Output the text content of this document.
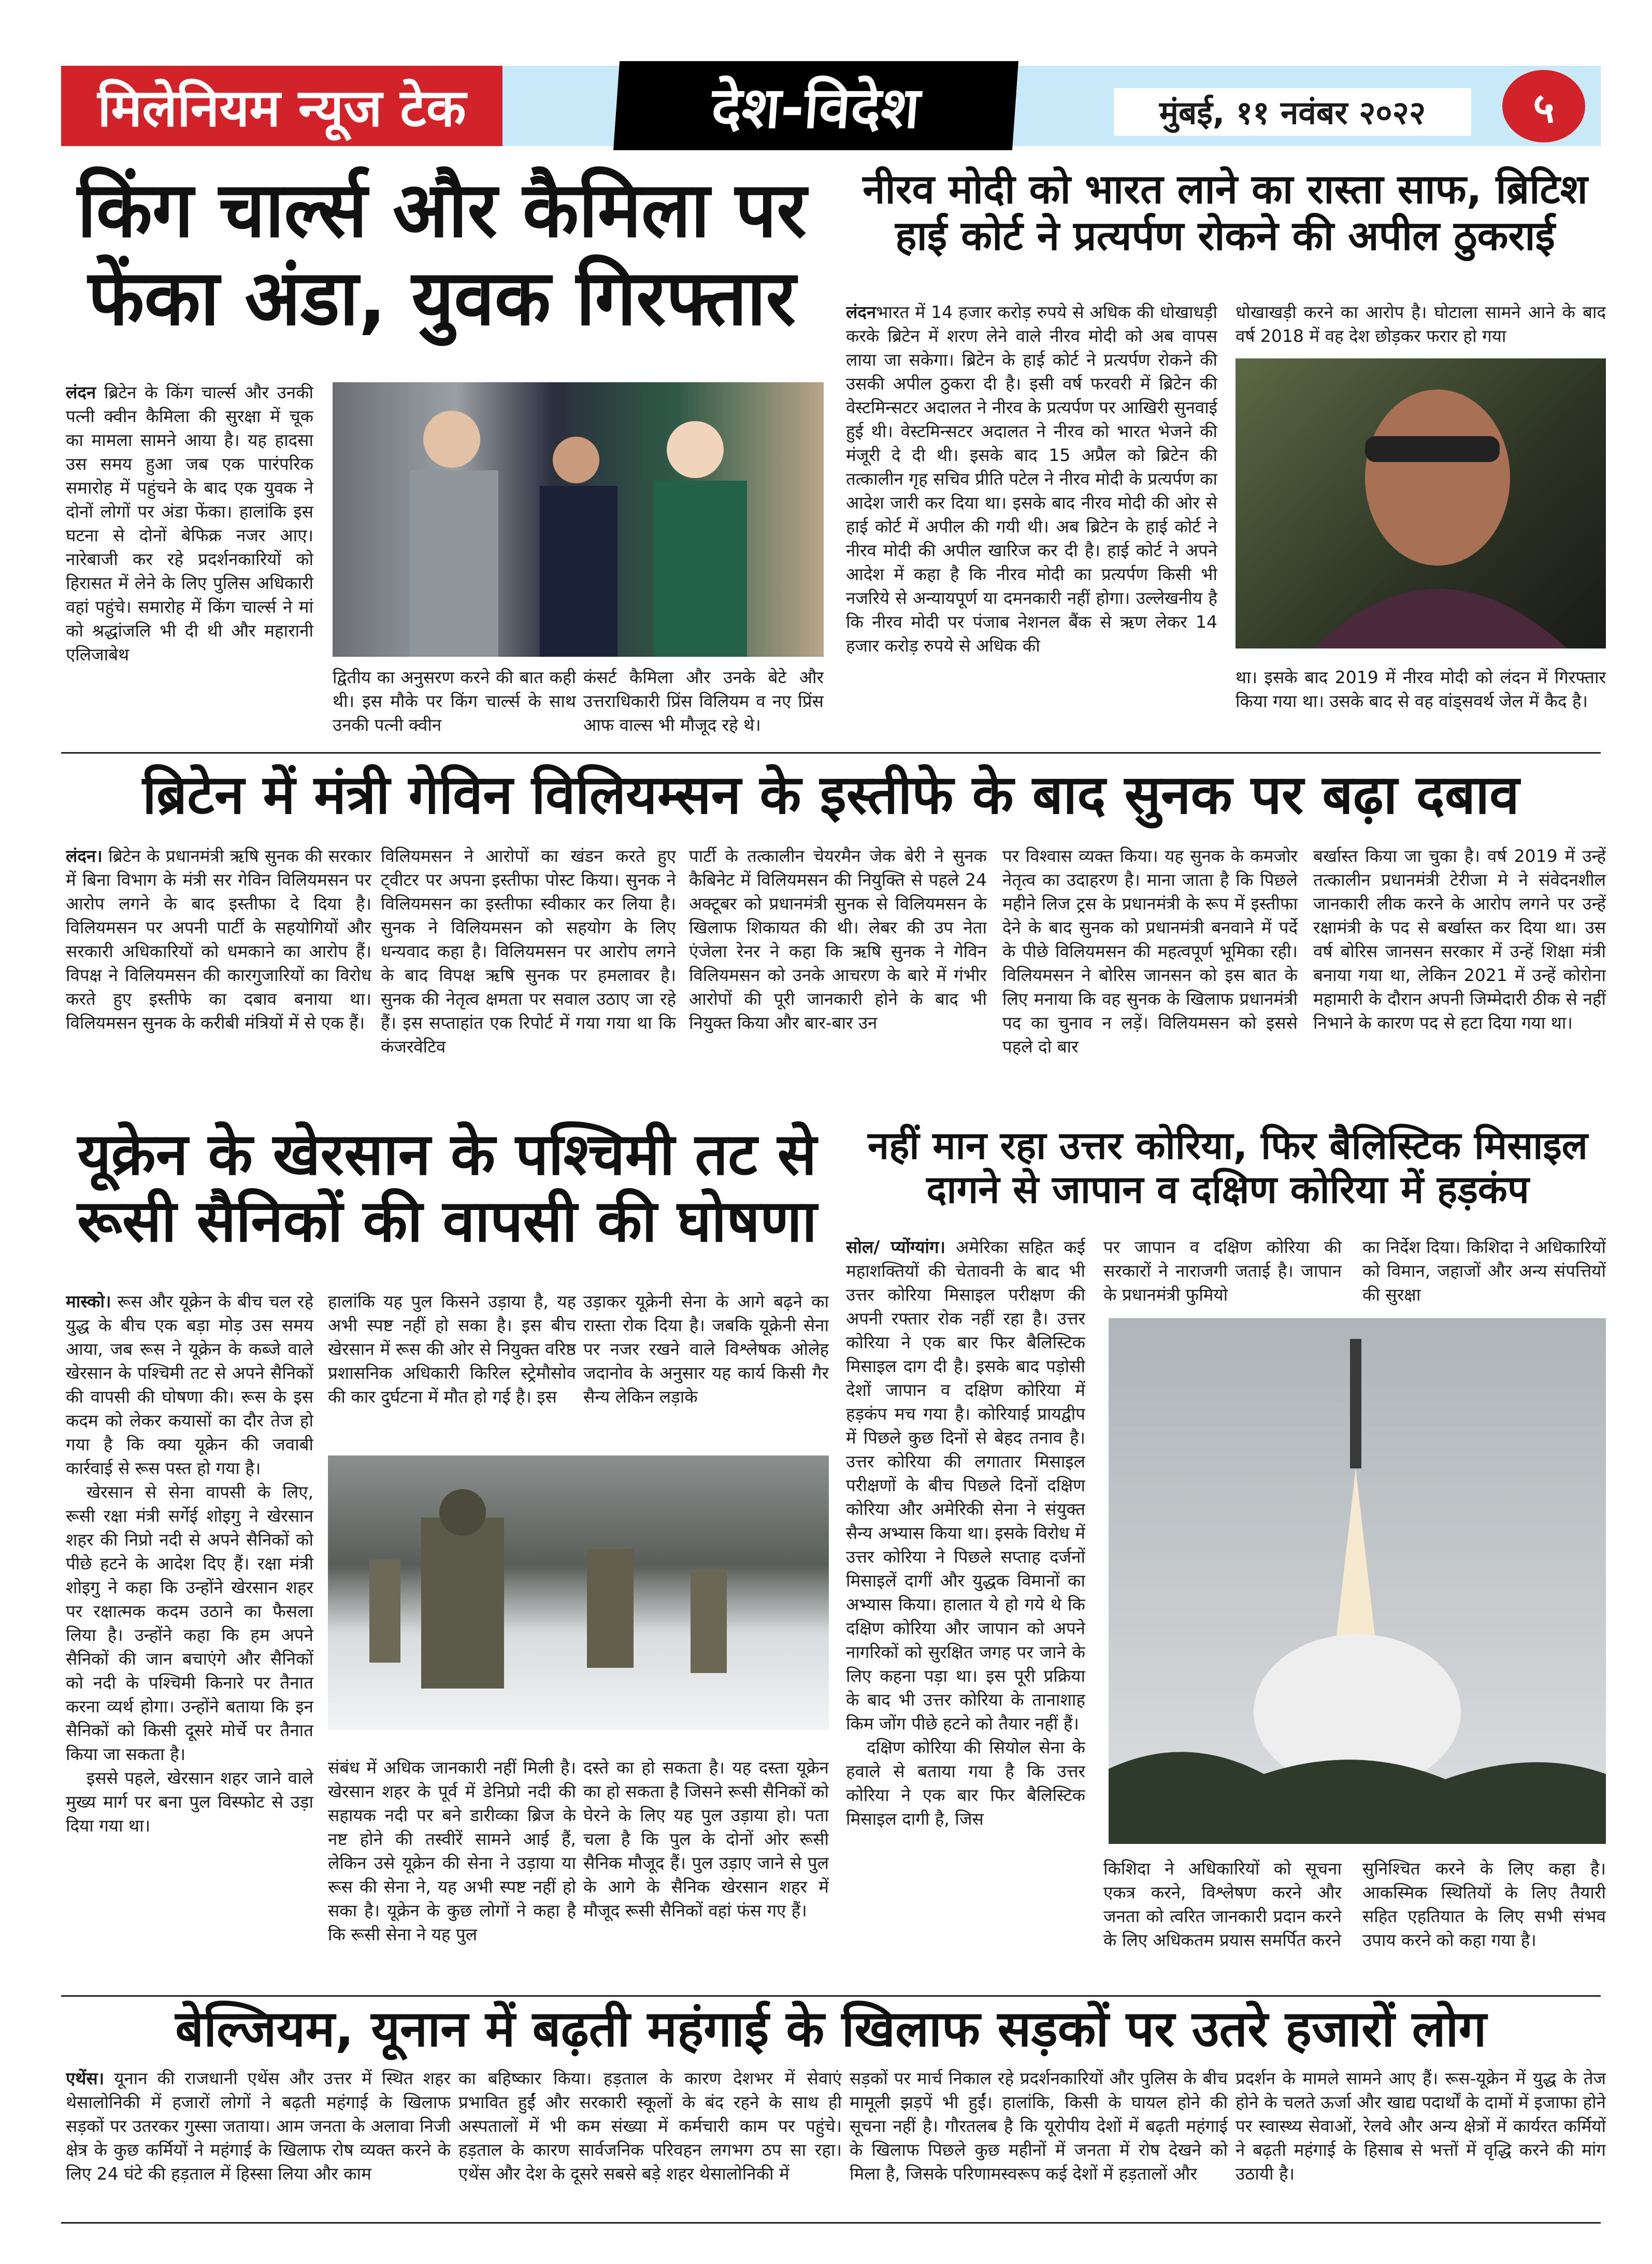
मिलेनियम न्यूज टेक	देश-विदेश	मुंबई, ११ नवंबर २०२२	५
किंग चार्ल्स और कैमिला पर फेंका अंडा, युवक गिरफ्तार
लंदन ब्रिटेन के किंग चार्ल्स और उनकी पत्नी क्वीन कैमिला की सुरक्षा में चूक का मामला सामने आया है। यह हादसा उस समय हुआ जब एक पारंपरिक समारोह में पहुंचने के बाद एक युवक ने दोनों लोगों पर अंडा फेंका। हालांकि इस घटना से दोनों बेफिक्र नजर आए। नारेबाजी कर रहे प्रदर्शनकारियों को हिरासत में लेने के लिए पुलिस अधिकारी वहां पहुंचे। समारोह में किंग चार्ल्स ने मां को श्रद्धांजलि भी दी थी और महारानी एलिजाबेथ
द्वितीय का अनुसरण करने की बात कही थी। इस मौके पर किंग चार्ल्स के साथ उनकी पत्नी क्वीन
कंसर्ट कैमिला और उनके बेटे और उत्तराधिकारी प्रिंस विलियम व नए प्रिंस आफ वाल्स भी मौजूद रहे थे।
नीरव मोदी को भारत लाने का रास्ता साफ, ब्रिटिश हाई कोर्ट ने प्रत्यर्पण रोकने की अपील ठुकराई
लंदनभारत में 14 हजार करोड़ रुपये से अधिक की धोखाधड़ी करके ब्रिटेन में शरण लेने वाले नीरव मोदी को अब वापस लाया जा सकेगा। ब्रिटेन के हाई कोर्ट ने प्रत्यर्पण रोकने की उसकी अपील ठुकरा दी है। इसी वर्ष फरवरी में ब्रिटेन की वेस्टमिन्सटर अदालत ने नीरव के प्रत्यर्पण पर आखिरी सुनवाई हुई थी। वेस्टमिन्सटर अदालत ने नीरव को भारत भेजने की मंजूरी दे दी थी। इसके बाद 15 अप्रैल को ब्रिटेन की तत्कालीन गृह सचिव प्रीति पटेल ने नीरव मोदी के प्रत्यर्पण का आदेश जारी कर दिया था। इसके बाद नीरव मोदी की ओर से हाई कोर्ट में अपील की गयी थी। अब ब्रिटेन के हाई कोर्ट ने नीरव मोदी की अपील खारिज कर दी है। हाई कोर्ट ने अपने आदेश में कहा है कि नीरव मोदी का प्रत्यर्पण किसी भी नजरिये से अन्यायपूर्ण या दमनकारी नहीं होगा। उल्लेखनीय है कि नीरव मोदी पर पंजाब नेशनल बैंक से ऋण लेकर 14 हजार करोड़ रुपये से अधिक की
धोखाखड़ी करने का आरोप है। घोटाला सामने आने के बाद वर्ष 2018 में वह देश छोड़कर फरार हो गया
था। इसके बाद 2019 में नीरव मोदी को लंदन में गिरफ्तार किया गया था। उसके बाद से वह वांड्सवर्थ जेल में कैद है।
ब्रिटेन में मंत्री गेविन विलियम्सन के इस्तीफे के बाद सुनक पर बढ़ा दबाव
लंदन। ब्रिटेन के प्रधानमंत्री ऋषि सुनक की सरकार में बिना विभाग के मंत्री सर गेविन विलियमसन पर आरोप लगने के बाद इस्तीफा दे दिया है। विलियमसन पर अपनी पार्टी के सहयोगियों और सरकारी अधिकारियों को धमकाने का आरोप हैं। विपक्ष ने विलियमसन की कारगुजारियों का विरोध करते हुए इस्तीफे का दबाव बनाया था। विलियमसन सुनक के करीबी मंत्रियों में से एक हैं।
विलियमसन ने आरोपों का खंडन करते हुए ट्वीटर पर अपना इस्तीफा पोस्ट किया। सुनक ने विलियमसन का इस्तीफा स्वीकार कर लिया है। सुनक ने विलियमसन को सहयोग के लिए धन्यवाद कहा है। विलियमसन पर आरोप लगने के बाद विपक्ष ऋषि सुनक पर हमलावर है। सुनक की नेतृत्व क्षमता पर सवाल उठाए जा रहे हैं। इस सप्ताहांत एक रिपोर्ट में गया गया था कि कंजरवेटिव
पार्टी के तत्कालीन चेयरमैन जेक बेरी ने सुनक कैबिनेट में विलियमसन की नियुक्ति से पहले 24 अक्टूबर को प्रधानमंत्री सुनक से विलियमसन के खिलाफ शिकायत की थी। लेबर की उप नेता एंजेला रेनर ने कहा कि ऋषि सुनक ने गेविन विलियमसन को उनके आचरण के बारे में गंभीर आरोपों की पूरी जानकारी होने के बाद भी नियुक्त किया और बार-बार उन
पर विश्वास व्यक्त किया। यह सुनक के कमजोर नेतृत्व का उदाहरण है। माना जाता है कि पिछले महीने लिज ट्रस के प्रधानमंत्री के रूप में इस्तीफा देने के बाद सुनक को प्रधानमंत्री बनवाने में पर्दे के पीछे विलियमसन की महत्वपूर्ण भूमिका रही। विलियमसन ने बोरिस जानसन को इस बात के लिए मनाया कि वह सुनक के खिलाफ प्रधानमंत्री पद का चुनाव न लड़ें। विलियमसन को इससे पहले दो बार
बर्खास्त किया जा चुका है। वर्ष 2019 में उन्हें तत्कालीन प्रधानमंत्री टेरीजा मे ने संवेदनशील जानकारी लीक करने के आरोप लगने पर उन्हें रक्षामंत्री के पद से बर्खास्त कर दिया था। उस वर्ष बोरिस जानसन सरकार में उन्हें शिक्षा मंत्री बनाया गया था, लेकिन 2021 में उन्हें कोरोना महामारी के दौरान अपनी जिम्मेदारी ठीक से नहीं निभाने के कारण पद से हटा दिया गया था।
यूक्रेन के खेरसान के पश्चिमी तट से रूसी सैनिकों की वापसी की घोषणा
मास्को। रूस और यूक्रेन के बीच चल रहे युद्ध के बीच एक बड़ा मोड़ उस समय आया, जब रूस ने यूक्रेन के कब्जे वाले खेरसान के पश्चिमी तट से अपने सैनिकों की वापसी की घोषणा की। रूस के इस कदम को लेकर कयासों का दौर तेज हो गया है कि क्या यूक्रेन की जवाबी कार्रवाई से रूस पस्त हो गया है।
खेरसान से सेना वापसी के लिए, रूसी रक्षा मंत्री सर्गेई शोइगु ने खेरसान शहर की निप्रो नदी से अपने सैनिकों को पीछे हटने के आदेश दिए हैं। रक्षा मंत्री शोइगु ने कहा कि उन्होंने खेरसान शहर पर रक्षात्मक कदम उठाने का फैसला लिया है। उन्होंने कहा कि हम अपने सैनिकों की जान बचाएंगे और सैनिकों को नदी के पश्चिमी किनारे पर तैनात करना व्यर्थ होगा। उन्होंने बताया कि इन सैनिकों को किसी दूसरे मोर्चे पर तैनात किया जा सकता है।
इससे पहले, खेरसान शहर जाने वाले मुख्य मार्ग पर बना पुल विस्फोट से उड़ा दिया गया था।
हालांकि यह पुल किसने उड़ाया है, यह अभी स्पष्ट नहीं हो सका है। इस बीच खेरसान में रूस की ओर से नियुक्त वरिष्ठ प्रशासनिक अधिकारी किरिल स्ट्रेमौसोव की कार दुर्घटना में मौत हो गई है। इस
उड़ाकर यूक्रेनी सेना के आगे बढ़ने का रास्ता रोक दिया है। जबकि यूक्रेनी सेना पर नजर रखने वाले विश्लेषक ओलेह जदानोव के अनुसार यह कार्य किसी गैर सैन्य लेकिन लड़ाके
संबंध में अधिक जानकारी नहीं मिली है। खेरसान शहर के पूर्व में डेनिप्रो नदी की सहायक नदी पर बने डारीव्का ब्रिज के नष्ट होने की तस्वीरें सामने आई हैं, लेकिन उसे यूक्रेन की सेना ने उड़ाया या रूस की सेना ने, यह अभी स्पष्ट नहीं हो सका है। यूक्रेन के कुछ लोगों ने कहा है कि रूसी सेना ने यह पुल
दस्ते का हो सकता है। यह दस्ता यूक्रेन का हो सकता है जिसने रूसी सैनिकों को घेरने के लिए यह पुल उड़ाया हो। पता चला है कि पुल के दोनों ओर रूसी सैनिक मौजूद हैं। पुल उड़ाए जाने से पुल के आगे के सैनिक खेरसान शहर में मौजूद रूसी सैनिकों वहां फंस गए हैं।
नहीं मान रहा उत्तर कोरिया, फिर बैलिस्टिक मिसाइल दागने से जापान व दक्षिण कोरिया में हड़कंप
सोल/ प्योंग्यांग। अमेरिका सहित कई महाशक्तियों की चेतावनी के बाद भी उत्तर कोरिया मिसाइल परीक्षण की अपनी रफ्तार रोक नहीं रहा है। उत्तर कोरिया ने एक बार फिर बैलिस्टिक मिसाइल दाग दी है। इसके बाद पड़ोसी देशों जापान व दक्षिण कोरिया में हड़कंप मच गया है। कोरियाई प्रायद्वीप में पिछले कुछ दिनों से बेहद तनाव है। उत्तर कोरिया की लगातार मिसाइल परीक्षणों के बीच पिछले दिनों दक्षिण कोरिया और अमेरिकी सेना ने संयुक्त सैन्य अभ्यास किया था। इसके विरोध में उत्तर कोरिया ने पिछले सप्ताह दर्जनों मिसाइलें दागीं और युद्धक विमानों का अभ्यास किया। हालात ये हो गये थे कि दक्षिण कोरिया और जापान को अपने नागरिकों को सुरक्षित जगह पर जाने के लिए कहना पड़ा था। इस पूरी प्रक्रिया के बाद भी उत्तर कोरिया के तानाशाह किम जोंग पीछे हटने को तैयार नहीं हैं।
दक्षिण कोरिया की सियोल सेना के हवाले से बताया गया है कि उत्तर कोरिया ने एक बार फिर बैलिस्टिक मिसाइल दागी है, जिस
पर जापान व दक्षिण कोरिया की सरकारों ने नाराजगी जताई है। जापान के प्रधानमंत्री फुमियो
का निर्देश दिया। किशिदा ने अधिकारियों को विमान, जहाजों और अन्य संपत्तियों की सुरक्षा
किशिदा ने अधिकारियों को सूचना एकत्र करने, विश्लेषण करने और जनता को त्वरित जानकारी प्रदान करने के लिए अधिकतम प्रयास समर्पित करने
सुनिश्चित करने के लिए कहा है। आकस्मिक स्थितियों के लिए तैयारी सहित एहतियात के लिए सभी संभव उपाय करने को कहा गया है।
बेल्जियम, यूनान में बढ़ती महंगाई के खिलाफ सड़कों पर उतरे हजारों लोग
एथेंस। यूनान की राजधानी एथेंस और उत्तर में स्थित शहर थेसालोनिकी में हजारों लोगों ने बढ़ती महंगाई के खिलाफ सड़कों पर उतरकर गुस्सा जताया। आम जनता के अलावा निजी क्षेत्र के कुछ कर्मियों ने महंगाई के खिलाफ रोष व्यक्त करने के लिए 24 घंटे की हड़ताल में हिस्सा लिया और काम
का बहिष्कार किया। हड़ताल के कारण देशभर में सेवाएं प्रभावित हुईं और सरकारी स्कूलों के बंद रहने के साथ ही अस्पतालों में भी कम संख्या में कर्मचारी काम पर पहुंचे। हड़ताल के कारण सार्वजनिक परिवहन लगभग ठप सा रहा। एथेंस और देश के दूसरे सबसे बड़े शहर थेसालोनिकी में
सड़कों पर मार्च निकाल रहे प्रदर्शनकारियों और पुलिस के बीच मामूली झड़पें भी हुईं। हालांकि, किसी के घायल होने की सूचना नहीं है। गौरतलब है कि यूरोपीय देशों में बढ़ती महंगाई के खिलाफ पिछले कुछ महीनों में जनता में रोष देखने को मिला है, जिसके परिणामस्वरूप कई देशों में हड़तालों और
प्रदर्शन के मामले सामने आए हैं। रूस-यूक्रेन में युद्ध के तेज होने के चलते ऊर्जा और खाद्य पदार्थों के दामों में इजाफा होने पर स्वास्थ्य सेवाओं, रेलवे और अन्य क्षेत्रों में कार्यरत कर्मियों ने बढ़ती महंगाई के हिसाब से भत्तों में वृद्धि करने की मांग उठायी है।
